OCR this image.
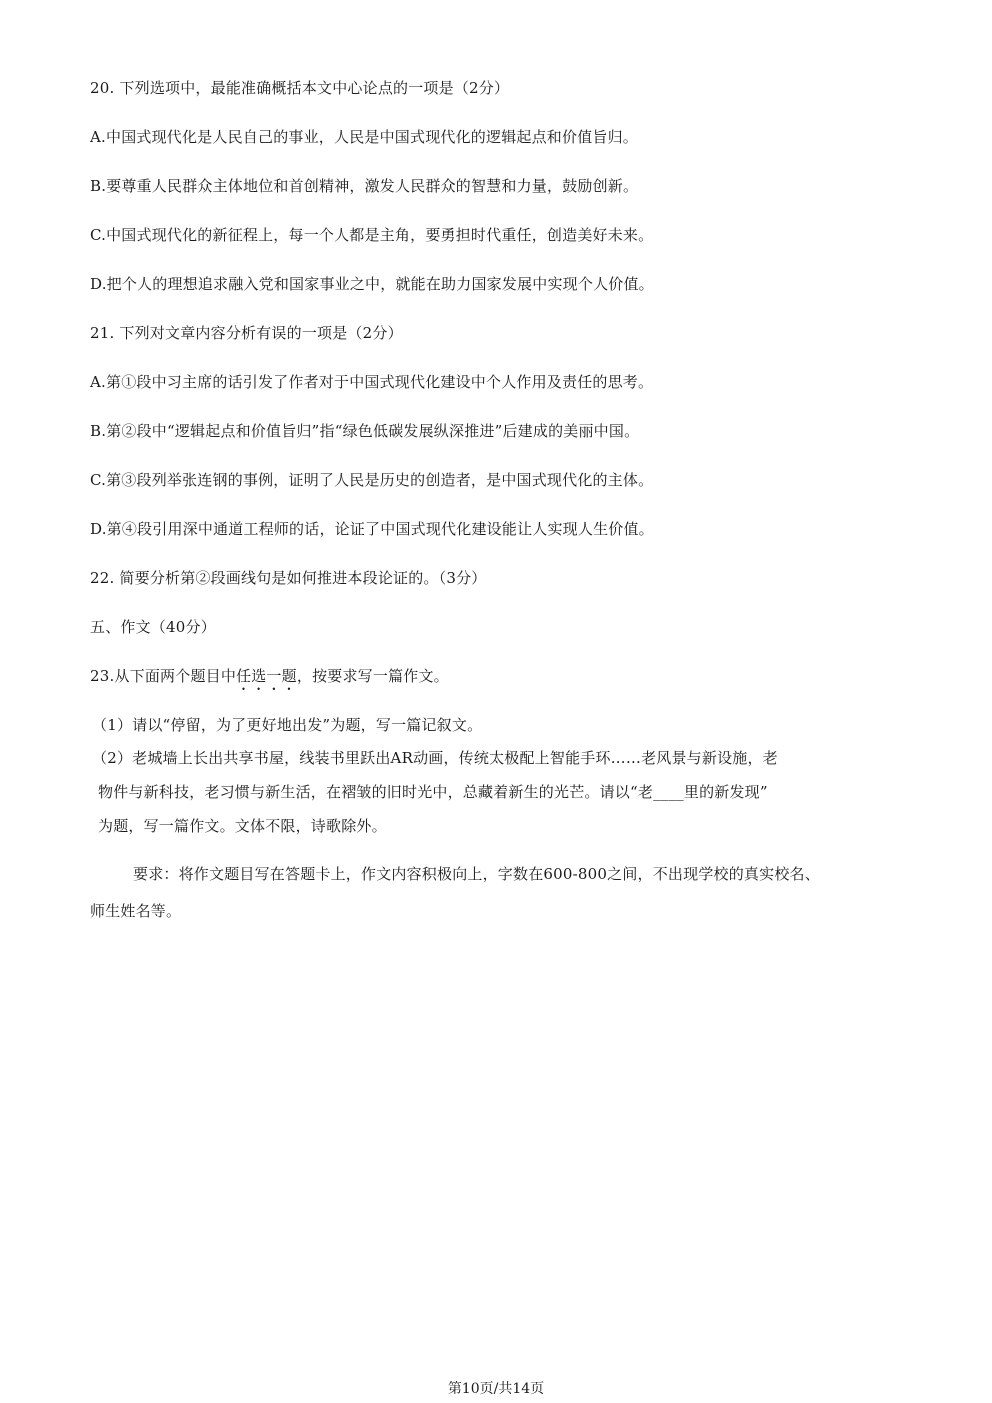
20. 下列选项中，最能准确概括本文中心论点的一项是（2分）
A.中国式现代化是人民自己的事业，人民是中国式现代化的逻辑起点和价值旨归。
B.要尊重人民群众主体地位和首创精神，激发人民群众的智慧和力量，鼓励创新。
C.中国式现代化的新征程上，每一个人都是主角，要勇担时代重任，创造美好未来。
D.把个人的理想追求融入党和国家事业之中，就能在助力国家发展中实现个人价值。
21. 下列对文章内容分析有误的一项是（2分）
A.第①段中习主席的话引发了作者对于中国式现代化建设中个人作用及责任的思考。
B.第②段中“逻辑起点和价值旨归”指“绿色低碳发展纵深推进”后建成的美丽中国。
C.第③段列举张连钢的事例，证明了人民是历史的创造者，是中国式现代化的主体。
D.第④段引用深中通道工程师的话，论证了中国式现代化建设能让人实现人生价值。
22. 简要分析第②段画线句是如何推进本段论证的。（3分）
五、作文（40分）
23.从下面两个题目中任选一题，按要求写一篇作文。
（1）请以“停留，为了更好地出发”为题，写一篇记叙文。
（2）老城墙上长出共享书屋，线装书里跃出AR动画，传统太极配上智能手环……老风景与新设施，老
物件与新科技，老习惯与新生活，在褶皱的旧时光中，总藏着新生的光芒。请以“老____里的新发现”
为题，写一篇作文。文体不限，诗歌除外。
要求：将作文题目写在答题卡上，作文内容积极向上，字数在600-800之间，不出现学校的真实校名、
师生姓名等。
第10页/共14页
